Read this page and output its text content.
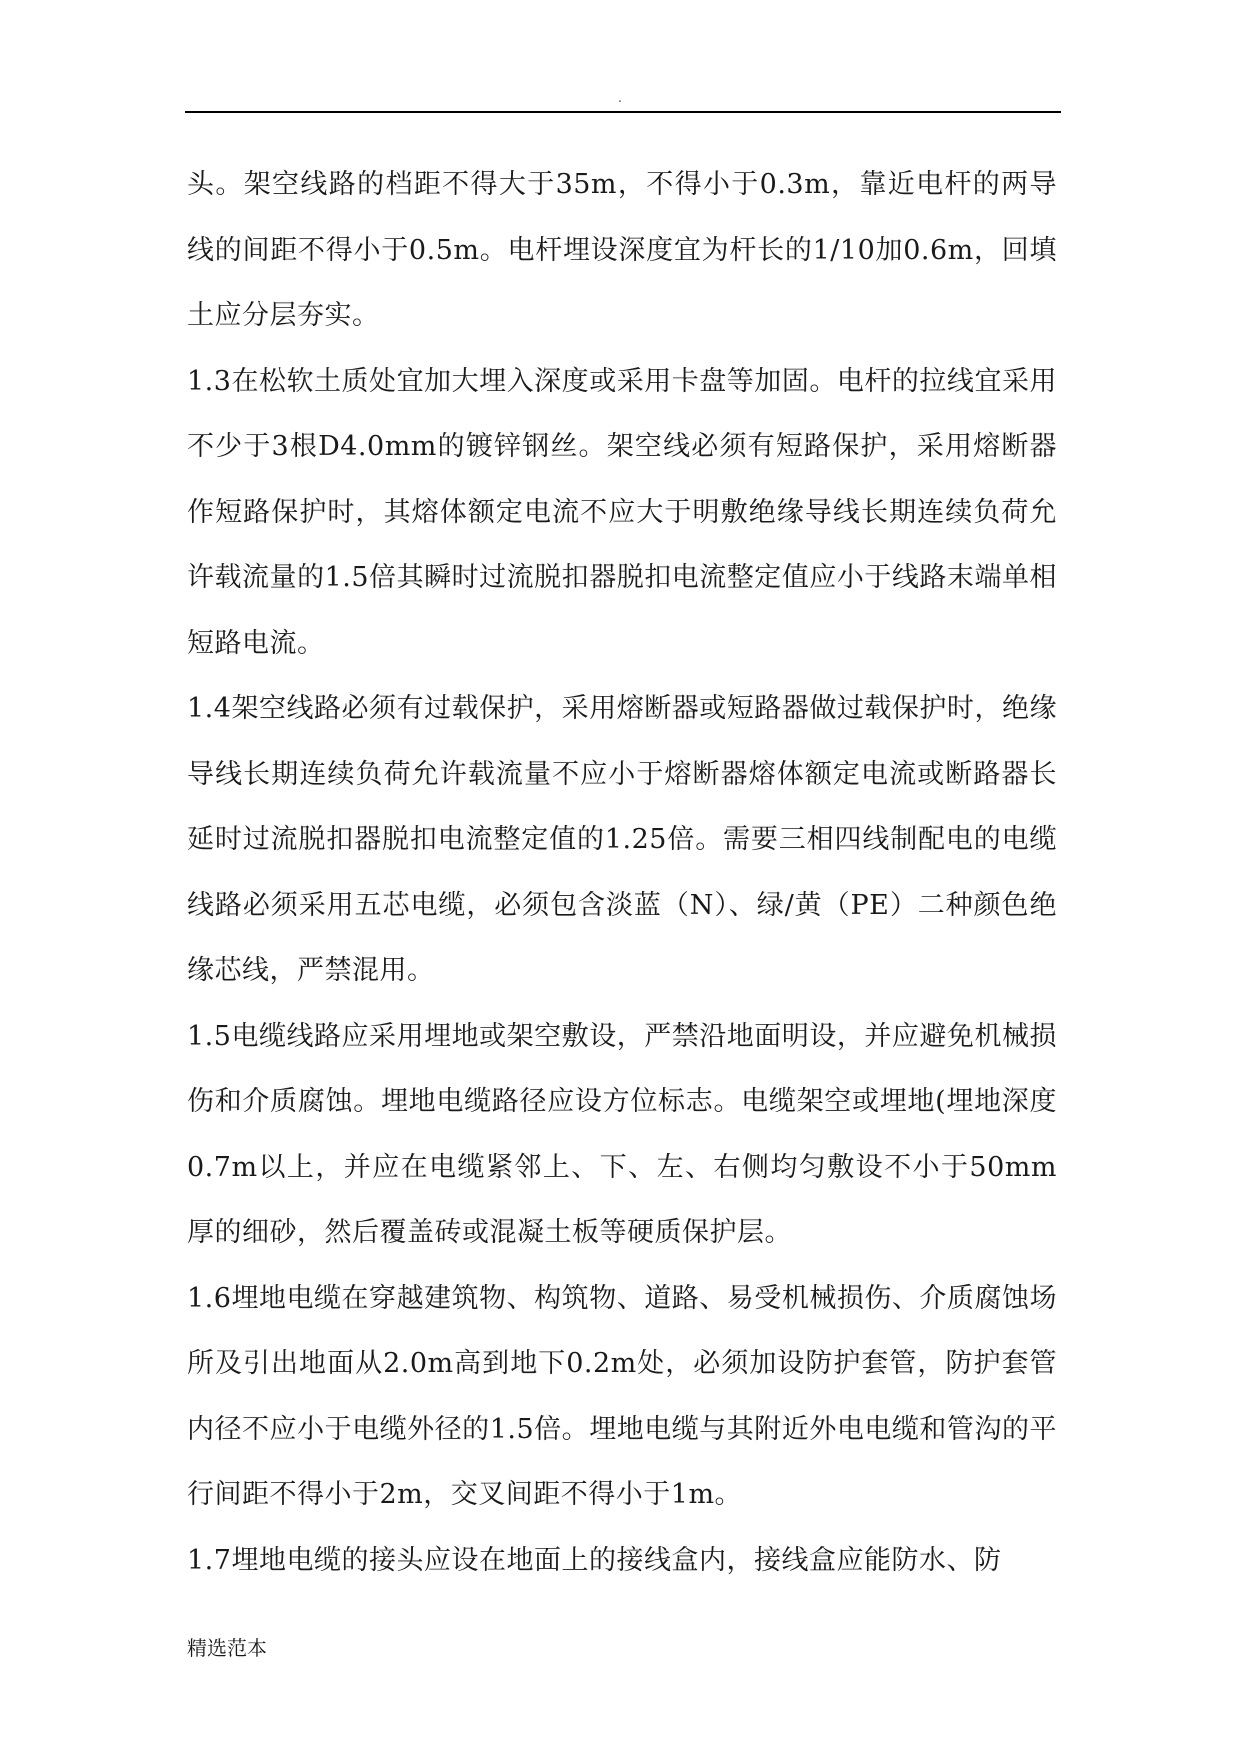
.

头。架空线路的档距不得大于35m，不得小于0.3m，靠近电杆的两导线的间距不得小于0.5m。电杆埋设深度宜为杆长的1/10加0.6m，回填土应分层夯实。

1.3在松软土质处宜加大埋入深度或采用卡盘等加固。电杆的拉线宜采用不少于3根D4.0mm的镀锌钢丝。架空线必须有短路保护，采用熔断器作短路保护时，其熔体额定电流不应大于明敷绝缘导线长期连续负荷允许载流量的1.5倍其瞬时过流脱扣器脱扣电流整定值应小于线路末端单相短路电流。

1.4架空线路必须有过载保护，采用熔断器或短路器做过载保护时，绝缘导线长期连续负荷允许载流量不应小于熔断器熔体额定电流或断路器长延时过流脱扣器脱扣电流整定值的1.25倍。需要三相四线制配电的电缆线路必须采用五芯电缆，必须包含淡蓝（N）、绿/黄（PE）二种颜色绝缘芯线，严禁混用。

1.5电缆线路应采用埋地或架空敷设，严禁沿地面明设，并应避免机械损伤和介质腐蚀。埋地电缆路径应设方位标志。电缆架空或埋地(埋地深度0.7m以上，并应在电缆紧邻上、下、左、右侧均匀敷设不小于50mm厚的细砂，然后覆盖砖或混凝土板等硬质保护层。

1.6埋地电缆在穿越建筑物、构筑物、道路、易受机械损伤、介质腐蚀场所及引出地面从2.0m高到地下0.2m处，必须加设防护套管，防护套管内径不应小于电缆外径的1.5倍。埋地电缆与其附近外电电缆和管沟的平行间距不得小于2m，交叉间距不得小于1m。

1.7埋地电缆的接头应设在地面上的接线盒内，接线盒应能防水、防

精选范本
